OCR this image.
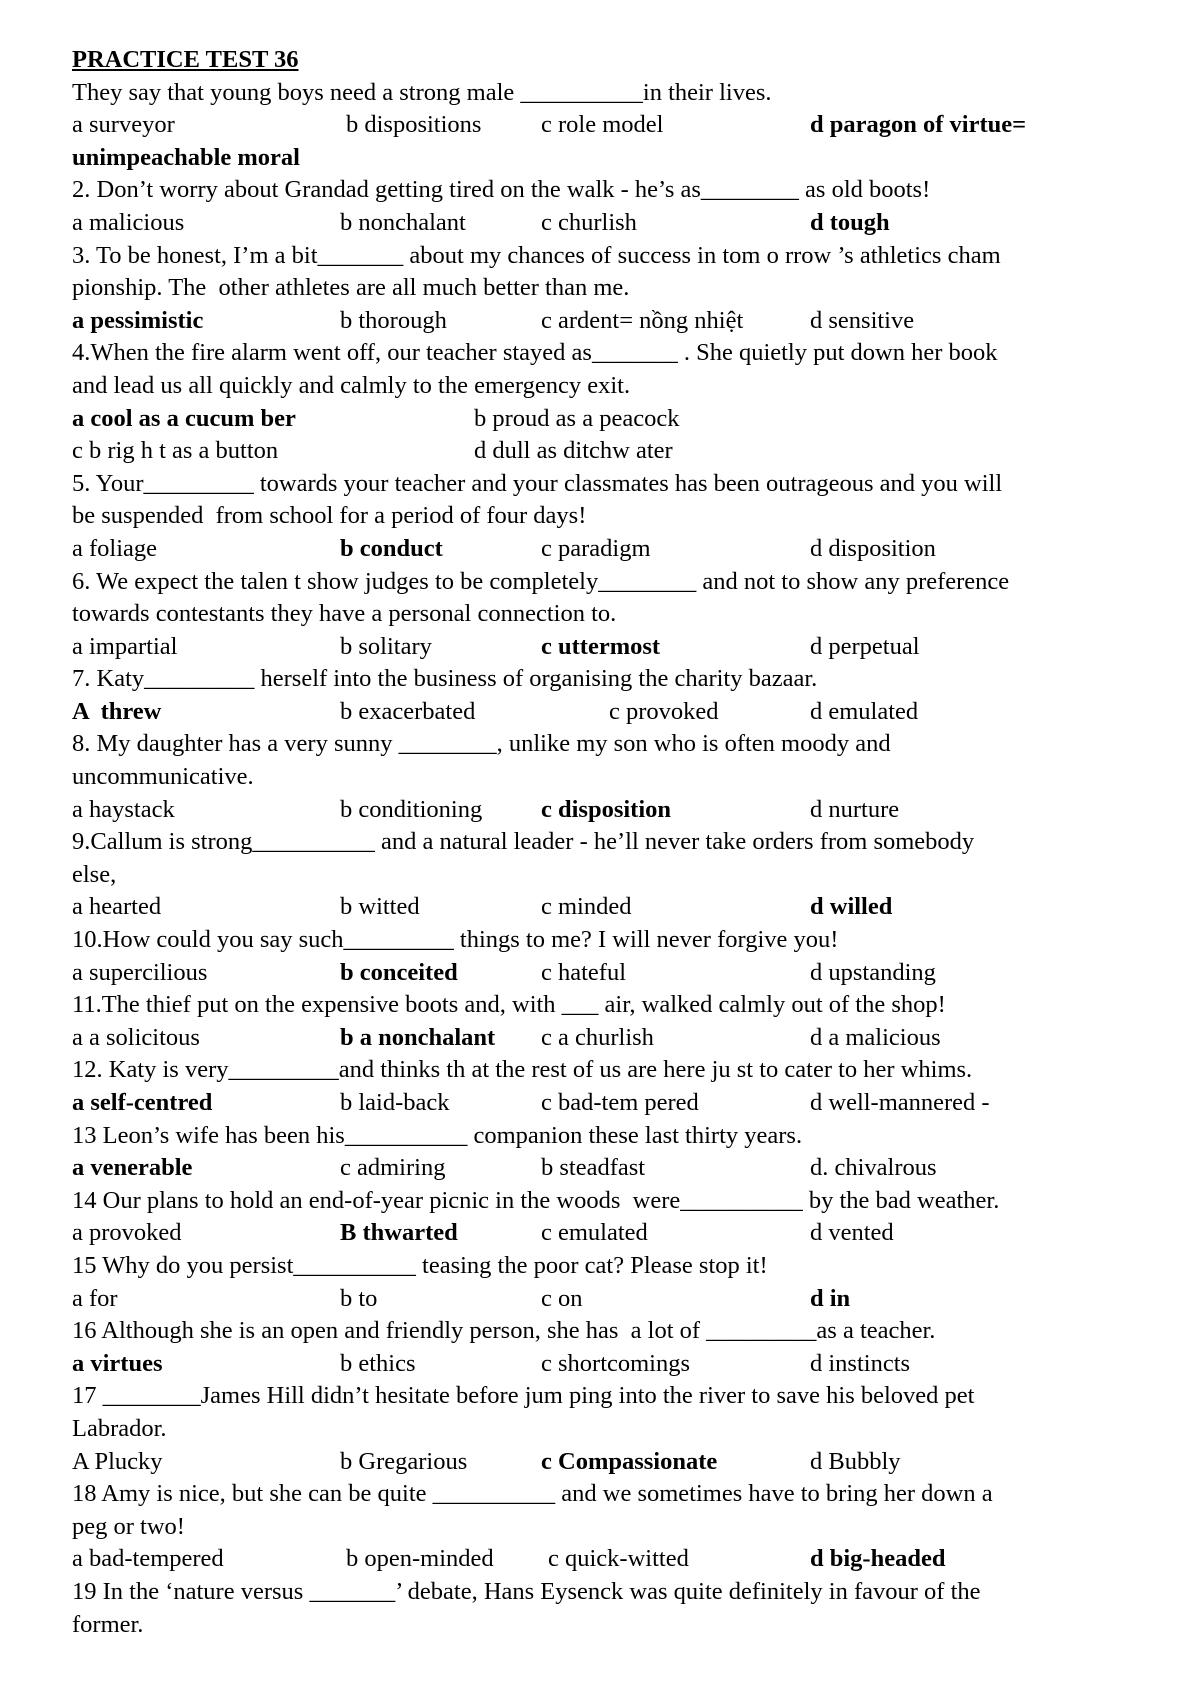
PRACTICE TEST 36
They say that young boys need a strong male __________in their lives.
a surveyor	b dispositions c role model	d paragon of virtue=
unimpeachable moral
2. Don’t worry about Grandad getting tired on the walk - he’s as________ as old boots!
a malicious	b nonchalant	c churlish	d tough
3. To be honest, I’m a bit_______ about my chances of success in tom o rrow ’s athletics cham
pionship. The  other athletes are all much better than me.
a pessimistic	b thorough	c ardent= nồng nhiệt	d sensitive
4.When the fire alarm went off, our teacher stayed as_______ . She quietly put down her book
and lead us all quickly and calmly to the emergency exit.
a cool as a cucum ber	b proud as a peacock
c b rig h t as a button	d dull as ditchw ater
5. Your_________ towards your teacher and your classmates has been outrageous and you will
be suspended  from school for a period of four days!
a foliage	b conduct	c paradigm	d disposition
6. We expect the talen t show judges to be completely________ and not to show any preference
towards contestants they have a personal connection to.
a impartial	b solitary	c uttermost	d perpetual
7. Katy_________ herself into the business of organising the charity bazaar.
A  threw	b exacerbated	c provoked	d emulated
8. My daughter has a very sunny ________, unlike my son who is often moody and
uncommunicative.
a haystack	b conditioning c disposition	d nurture
9.Callum is strong__________ and a natural leader - he’ll never take orders from somebody
else,
a hearted	b witted	c minded	d willed
10.How could you say such_________ things to me? I will never forgive you!
a supercilious	b conceited	c hateful	d upstanding
11.The thief put on the expensive boots and, with ___ air, walked calmly out of the shop!
a a solicitous	b a nonchalant c a churlish	d a malicious
12. Katy is very_________and thinks th at the rest of us are here ju st to cater to her whims.
a self-centred	b laid-back	c bad-tem pered	d well-mannered -
13 Leon’s wife has been his__________ companion these last thirty years.
a venerable	c admiring	b steadfast	d. chivalrous
14 Our plans to hold an end-of-year picnic in the woods  were__________ by the bad weather.
a provoked	B thwarted	c emulated	d vented
15 Why do you persist__________ teasing the poor cat? Please stop it!
a for	b to	c on	d in
16 Although she is an open and friendly person, she has  a lot of _________as a teacher.
a virtues	b ethics	c shortcomings	d instincts
17 ________James Hill didn’t hesitate before jum ping into the river to save his beloved pet
Labrador.
A Plucky	b Gregarious	c Compassionate	d Bubbly
18 Amy is nice, but she can be quite __________ and we sometimes have to bring her down a
peg or two!
a bad-tempered	b open-minded c quick-witted	d big-headed
19 In the ‘nature versus _______’ debate, Hans Eysenck was quite definitely in favour of the
former.
